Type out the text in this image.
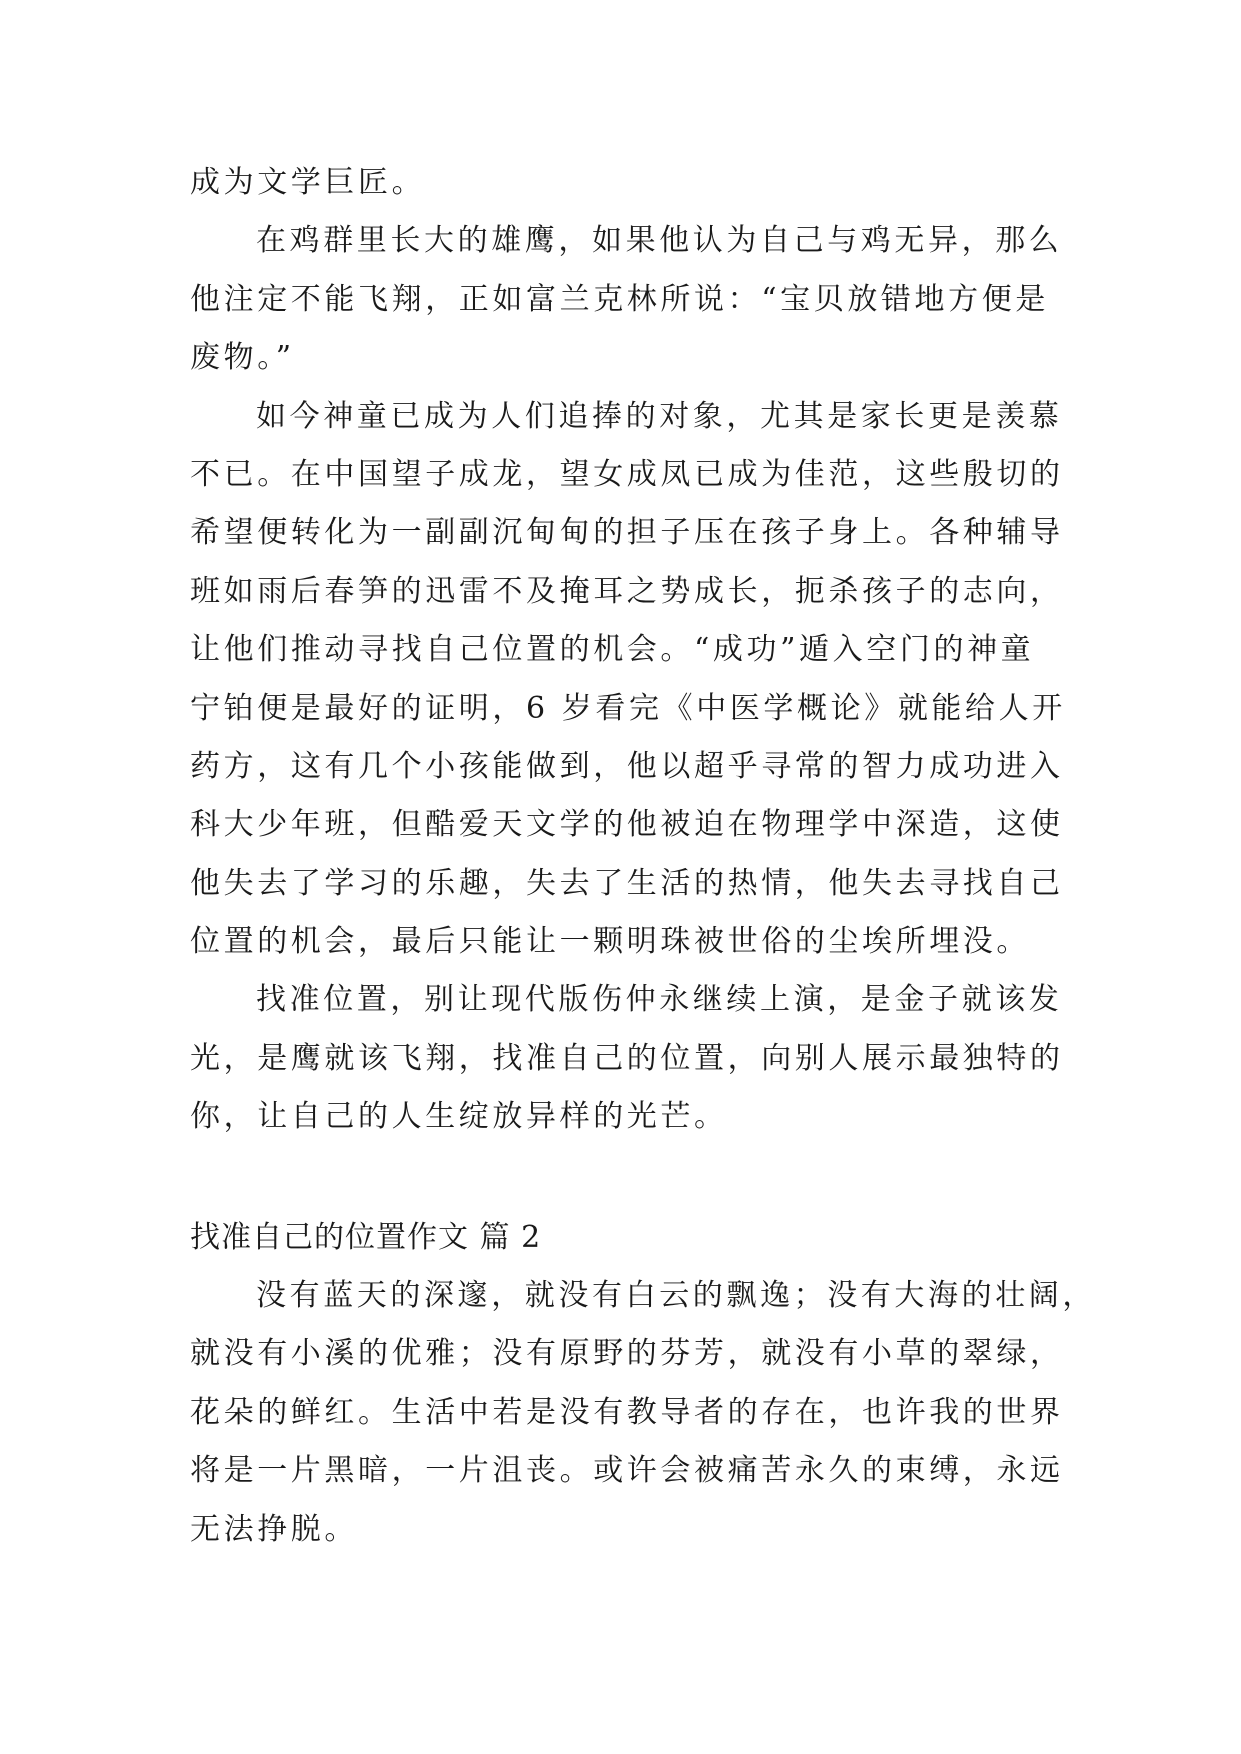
成为文学巨匠。
在鸡群里长大的雄鹰，如果他认为自己与鸡无异，那么
他注定不能飞翔，正如富兰克林所说：“宝贝放错地方便是
废物。”
如今神童已成为人们追捧的对象，尤其是家长更是羡慕
不已。在中国望子成龙，望女成凤已成为佳范，这些殷切的
希望便转化为一副副沉甸甸的担子压在孩子身上。各种辅导
班如雨后春笋的迅雷不及掩耳之势成长，扼杀孩子的志向，
让他们推动寻找自己位置的机会。“成功”遁入空门的神童
宁铂便是最好的证明，6 岁看完《中医学概论》就能给人开
药方，这有几个小孩能做到，他以超乎寻常的智力成功进入
科大少年班，但酷爱天文学的他被迫在物理学中深造，这使
他失去了学习的乐趣，失去了生活的热情，他失去寻找自己
位置的机会，最后只能让一颗明珠被世俗的尘埃所埋没。
找准位置，别让现代版伤仲永继续上演，是金子就该发
光，是鹰就该飞翔，找准自己的位置，向别人展示最独特的
你，让自己的人生绽放异样的光芒。
找准自己的位置作文 篇 2
没有蓝天的深邃，就没有白云的飘逸；没有大海的壮阔，
就没有小溪的优雅；没有原野的芬芳，就没有小草的翠绿，
花朵的鲜红。生活中若是没有教导者的存在，也许我的世界
将是一片黑暗，一片沮丧。或许会被痛苦永久的束缚，永远
无法挣脱。
